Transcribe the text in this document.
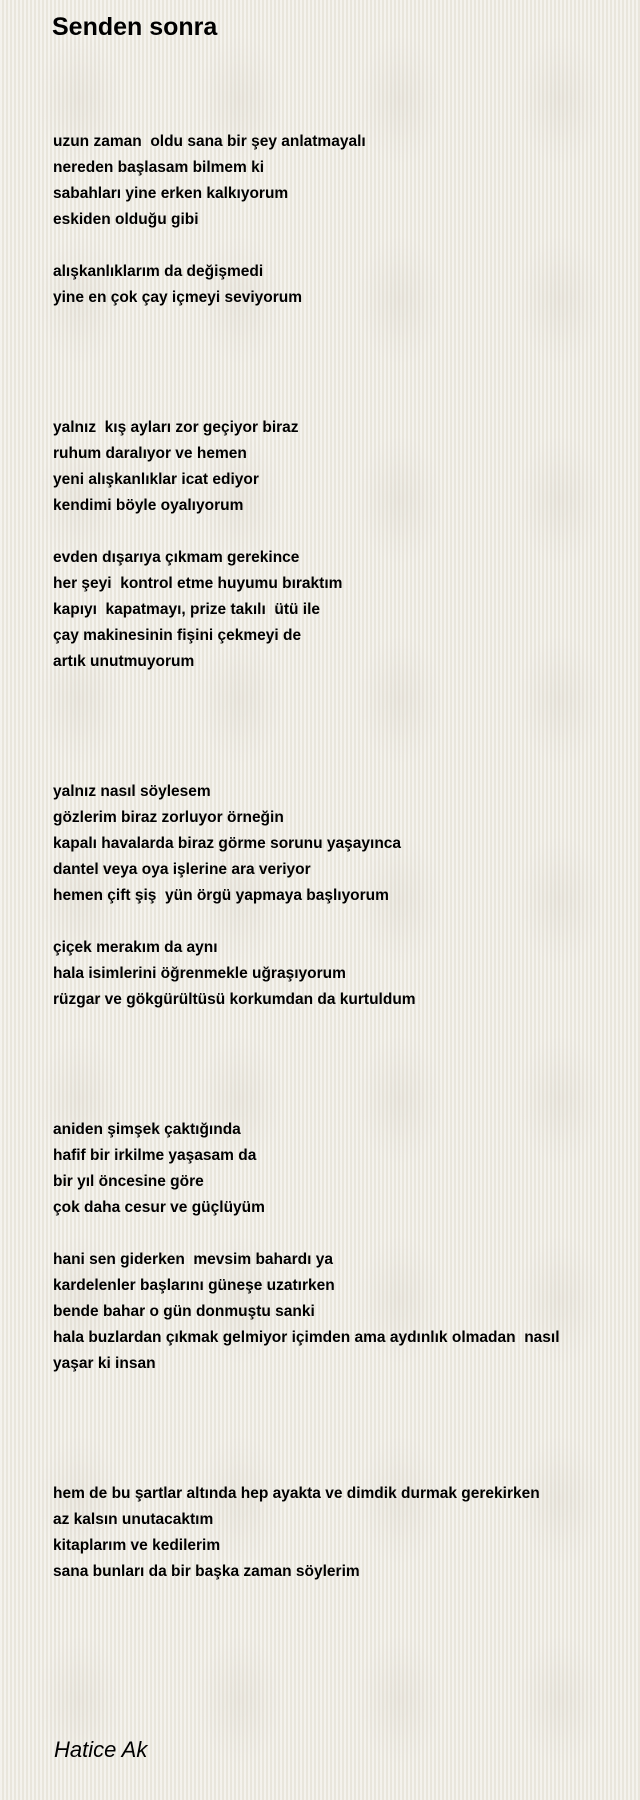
Senden sonra
uzun zaman  oldu sana bir şey anlatmayalı
nereden başlasam bilmem ki
sabahları yine erken kalkıyorum
eskiden olduğu gibi
alışkanlıklarım da değişmedi
yine en çok çay içmeyi seviyorum
yalnız  kış ayları zor geçiyor biraz
ruhum daralıyor ve hemen
yeni alışkanlıklar icat ediyor
kendimi böyle oyalıyorum
evden dışarıya çıkmam gerekince
her şeyi  kontrol etme huyumu bıraktım
kapıyı  kapatmayı, prize takılı  ütü ile
çay makinesinin fişini çekmeyi de
artık unutmuyorum
yalnız nasıl söylesem
gözlerim biraz zorluyor örneğin
kapalı havalarda biraz görme sorunu yaşayınca
dantel veya oya işlerine ara veriyor
hemen çift şiş  yün örgü yapmaya başlıyorum
çiçek merakım da aynı
hala isimlerini öğrenmekle uğraşıyorum
rüzgar ve gökgürültüsü korkumdan da kurtuldum
aniden şimşek çaktığında
hafif bir irkilme yaşasam da
bir yıl öncesine göre
çok daha cesur ve güçlüyüm
hani sen giderken  mevsim bahardı ya
kardelenler başlarını güneşe uzatırken
bende bahar o gün donmuştu sanki
hala buzlardan çıkmak gelmiyor içimden ama aydınlık olmadan  nasıl
yaşar ki insan
hem de bu şartlar altında hep ayakta ve dimdik durmak gerekirken
az kalsın unutacaktım
kitaplarım ve kedilerim
sana bunları da bir başka zaman söylerim
Hatice Ak
